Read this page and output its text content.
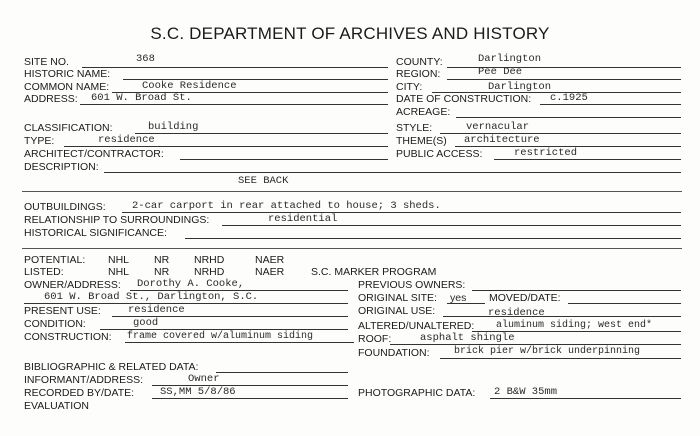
S.C. DEPARTMENT OF ARCHIVES AND HISTORY
SITE NO.	368
HISTORIC NAME:
COMMON NAME:	Cooke Residence
ADDRESS: 601 W. Broad St.
COUNTY:	Darlington
REGION:	Pee Dee
CITY:	Darlington
DATE OF CONSTRUCTION: c.1925
ACREAGE:
CLASSIFICATION:	building
TYPE:	residence
ARCHITECT/CONTRACTOR:
DESCRIPTION:
SEE BACK
STYLE:	vernacular
THEME(S) architecture
PUBLIC ACCESS:	restricted
OUTBUILDINGS:	2-car carport in rear attached to house; 3 sheds.
RELATIONSHIP TO SURROUNDINGS:	residential
HISTORICAL SIGNIFICANCE:
POTENTIAL: NHL NR NRHD	NAER
LISTED:	NHL NR NRHD	NAER	S.C. MARKER PROGRAM
OWNER/ADDRESS: Dorothy A. Cooke,
601 W. Broad St., Darlington, S.C.
PRESENT USE:	residence
CONDITION:	good
CONSTRUCTION: frame covered w/aluminum siding
PREVIOUS OWNERS:
ORIGINAL SITE: yes MOVED/DATE:
ORIGINAL USE:	residence
ALTERED/UNALTERED: aluminum siding; west end*
ROOF:	asphalt shingle
FOUNDATION: brick pier w/brick underpinning
BIBLIOGRAPHIC & RELATED DATA:
INFORMANT/ADDRESS:	Owner
RECORDED BY/DATE: SS,MM 5/8/86
EVALUATION
PHOTOGRAPHIC DATA: 2 B&W 35mm
